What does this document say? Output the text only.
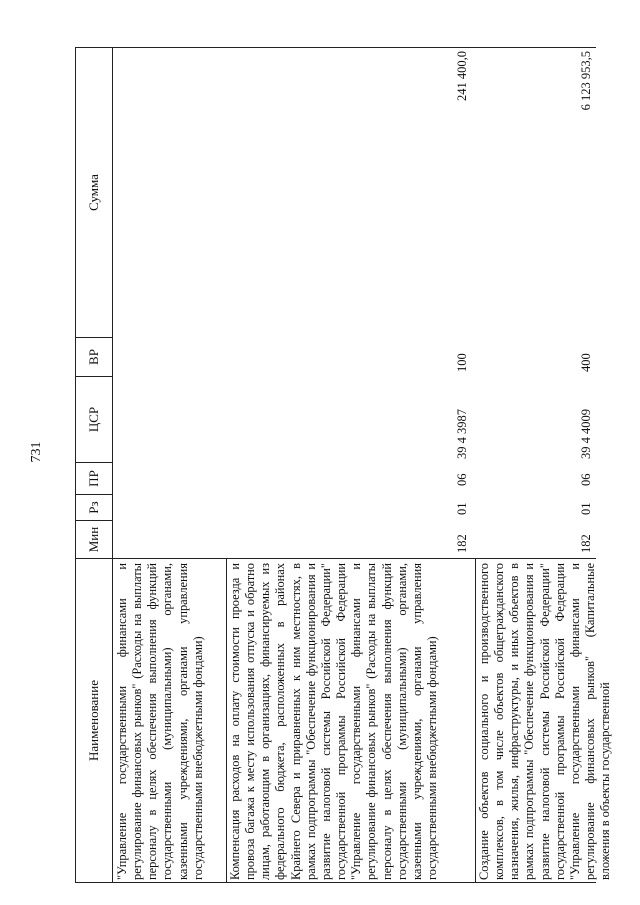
731
Наименование
Мин
Рз
ПР
ЦСР
ВР
Сумма
"Управление государственными финансами и регулирование финансовых рынков" (Расходы на выплаты персоналу в целях обеспечения выполнения функций государственными (муниципальными) органами, казенными учреждениями, органами управления государственными внебюджетными фондами) Компенсация расходов на оплату стоимости проезда и провоза багажа к месту использования отпуска и обратно лицам, работающим в организациях, финансируемых из федерального бюджета, расположенных в районах Крайнего Севера и приравненных к ним местностях, в рамках подпрограммы "Обеспечение функционирования и развитие налоговой системы Российской Федерации" государственной программы Российской Федерации "Управление государственными финансами и регулирование финансовых рынков" (Расходы на выплаты персоналу в целях обеспечения выполнения функций государственными (муниципальными) органами, казенными учреждениями, органами управления государственными внебюджетными фондами)
182
01
06
39 4 3987
100
241 400,0
Создание объектов социального и производственного комплексов, в том числе объектов общегражданского назначения, жилья, инфраструктуры, и иных объектов в рамках подпрограммы "Обеспечение функционирования и развитие налоговой системы Российской Федерации" государственной программы Российской Федерации "Управление государственными финансами и регулирование финансовых рынков" (Капитальные вложения в объекты государственной
182
01
06
39 4 4009
400
6 123 953,5
